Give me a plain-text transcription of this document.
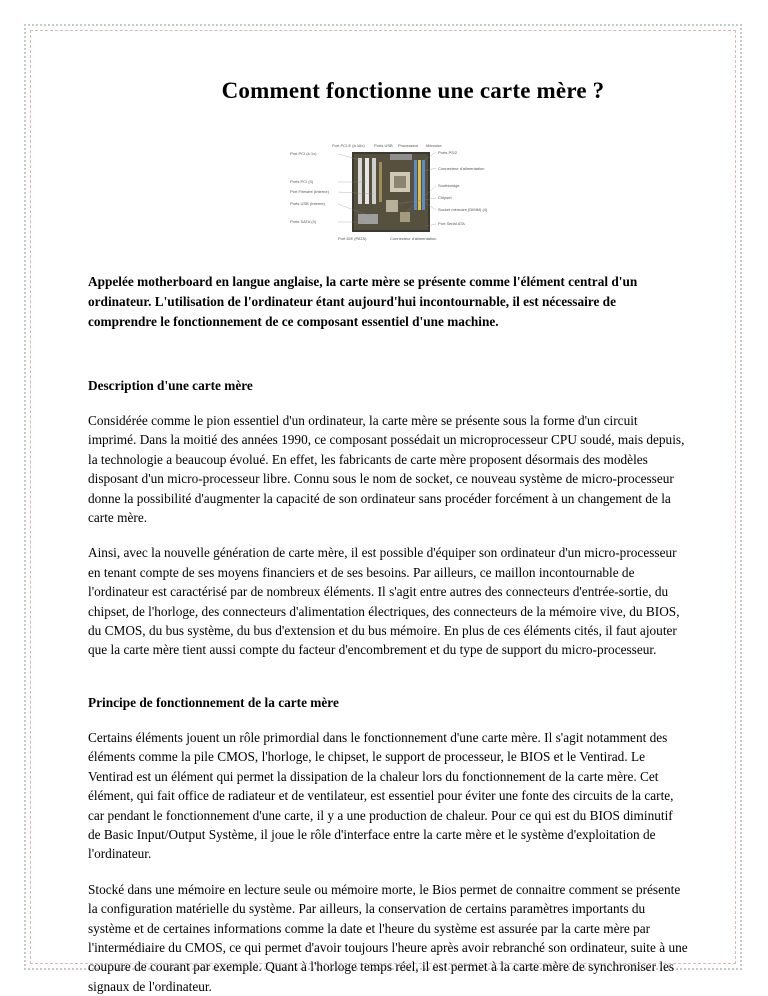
Comment fonctionne une carte mère ?
Port PCI (à 1x)
Ports PCI (3)
Port Firewire (Interne)
Ports USB (Interne)
Ports SATA (4)
Port PCI-E (à 16x) Ports USB Processeur Mémoire
Ports PS/2
Connecteur d'alimentation
Southbridge
Chipset
Socket mémoire (DIMM) (4)
Port Serial ATA
Port IDE (PATA)	Connecteur d'alimentation

Appelée motherboard en langue anglaise, la carte mère se présente comme l'élément central d'un ordinateur. L'utilisation de l'ordinateur étant aujourd'hui incontournable, il est nécessaire de comprendre le fonctionnement de ce composant essentiel d'une machine.

Description d'une carte mère

Considérée comme le pion essentiel d'un ordinateur, la carte mère se présente sous la forme d'un circuit imprimé. Dans la moitié des années 1990, ce composant possédait un microprocesseur CPU soudé, mais depuis, la technologie a beaucoup évolué. En effet, les fabricants de carte mère proposent désormais des modèles disposant d'un micro-processeur libre. Connu sous le nom de socket, ce nouveau système de micro-processeur donne la possibilité d'augmenter la capacité de son ordinateur sans procéder forcément à un changement de la carte mère.

Ainsi, avec la nouvelle génération de carte mère, il est possible d'équiper son ordinateur d'un micro-processeur en tenant compte de ses moyens financiers et de ses besoins. Par ailleurs, ce maillon incontournable de l'ordinateur est caractérisé par de nombreux éléments. Il s'agit entre autres des connecteurs d'entrée-sortie, du chipset, de l'horloge, des connecteurs d'alimentation électriques, des connecteurs de la mémoire vive, du BIOS, du CMOS, du bus système, du bus d'extension et du bus mémoire. En plus de ces éléments cités, il faut ajouter que la carte mère tient aussi compte du facteur d'encombrement et du type de support du micro-processeur.

Principe de fonctionnement de la carte mère

Certains éléments jouent un rôle primordial dans le fonctionnement d'une carte mère. Il s'agit notamment des éléments comme la pile CMOS, l'horloge, le chipset, le support de processeur, le BIOS et le Ventirad. Le Ventirad est un élément qui permet la dissipation de la chaleur lors du fonctionnement de la carte mère. Cet élément, qui fait office de radiateur et de ventilateur, est essentiel pour éviter une fonte des circuits de la carte, car pendant le fonctionnement d'une carte, il y a une production de chaleur. Pour ce qui est du BIOS diminutif de Basic Input/Output Système, il joue le rôle d'interface entre la carte mère et le système d'exploitation de l'ordinateur.

Stocké dans une mémoire en lecture seule ou mémoire morte, le Bios permet de connaitre comment se présente la configuration matérielle du système. Par ailleurs, la conservation de certains paramètres importants du système et de certaines informations comme la date et l'heure du système est assurée par la carte mère par l'intermédiaire du CMOS, ce qui permet d'avoir toujours l'heure après avoir rebranché son ordinateur, suite à une coupure de courant par exemple. Quant à l'horloge temps réel, il est permet à la carte mère de synchroniser les signaux de l'ordinateur.
